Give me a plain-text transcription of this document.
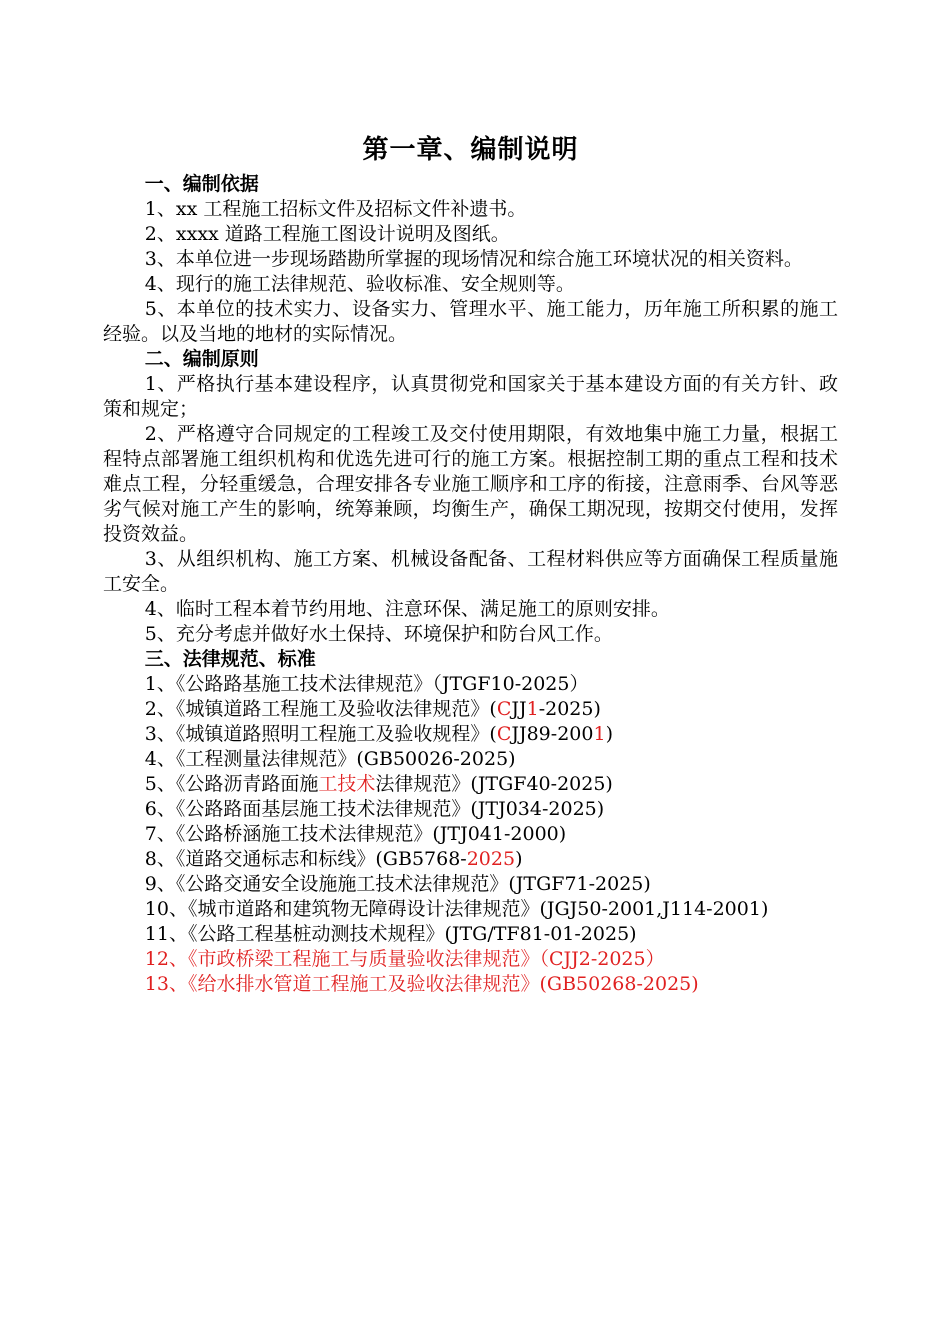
第一章、编制说明
一、编制依据
1、xx 工程施工招标文件及招标文件补遗书。
2、xxxx 道路工程施工图设计说明及图纸。
3、本单位进一步现场踏勘所掌握的现场情况和综合施工环境状况的相关资料。
4、现行的施工法律规范、验收标准、安全规则等。
5、本单位的技术实力、设备实力、管理水平、施工能力，历年施工所积累的施工经验。以及当地的地材的实际情况。
二、编制原则
1、严格执行基本建设程序，认真贯彻党和国家关于基本建设方面的有关方针、政策和规定；
2、严格遵守合同规定的工程竣工及交付使用期限，有效地集中施工力量，根据工程特点部署施工组织机构和优选先进可行的施工方案。根据控制工期的重点工程和技术难点工程，分轻重缓急，合理安排各专业施工顺序和工序的衔接，注意雨季、台风等恶劣气候对施工产生的影响，统筹兼顾，均衡生产，确保工期况现，按期交付使用，发挥投资效益。
3、从组织机构、施工方案、机械设备配备、工程材料供应等方面确保工程质量施工安全。
4、临时工程本着节约用地、注意环保、满足施工的原则安排。
5、充分考虑并做好水土保持、环境保护和防台风工作。
三、法律规范、标准
1、《公路路基施工技术法律规范》（JTGF10-2025）
2、《城镇道路工程施工及验收法律规范》(CJJ1-2025)
3、《城镇道路照明工程施工及验收规程》(CJJ89-2001)
4、《工程测量法律规范》(GB50026-2025)
5、《公路沥青路面施工技术法律规范》(JTGF40-2025)
6、《公路路面基层施工技术法律规范》(JTJ034-2025)
7、《公路桥涵施工技术法律规范》(JTJ041-2000)
8、《道路交通标志和标线》(GB5768-2025)
9、《公路交通安全设施施工技术法律规范》(JTGF71-2025)
10、《城市道路和建筑物无障碍设计法律规范》(JGJ50-2001,J114-2001)
11、《公路工程基桩动测技术规程》(JTG/TF81-01-2025)
12、《市政桥梁工程施工与质量验收法律规范》（CJJ2-2025）
13、《给水排水管道工程施工及验收法律规范》(GB50268-2025)
